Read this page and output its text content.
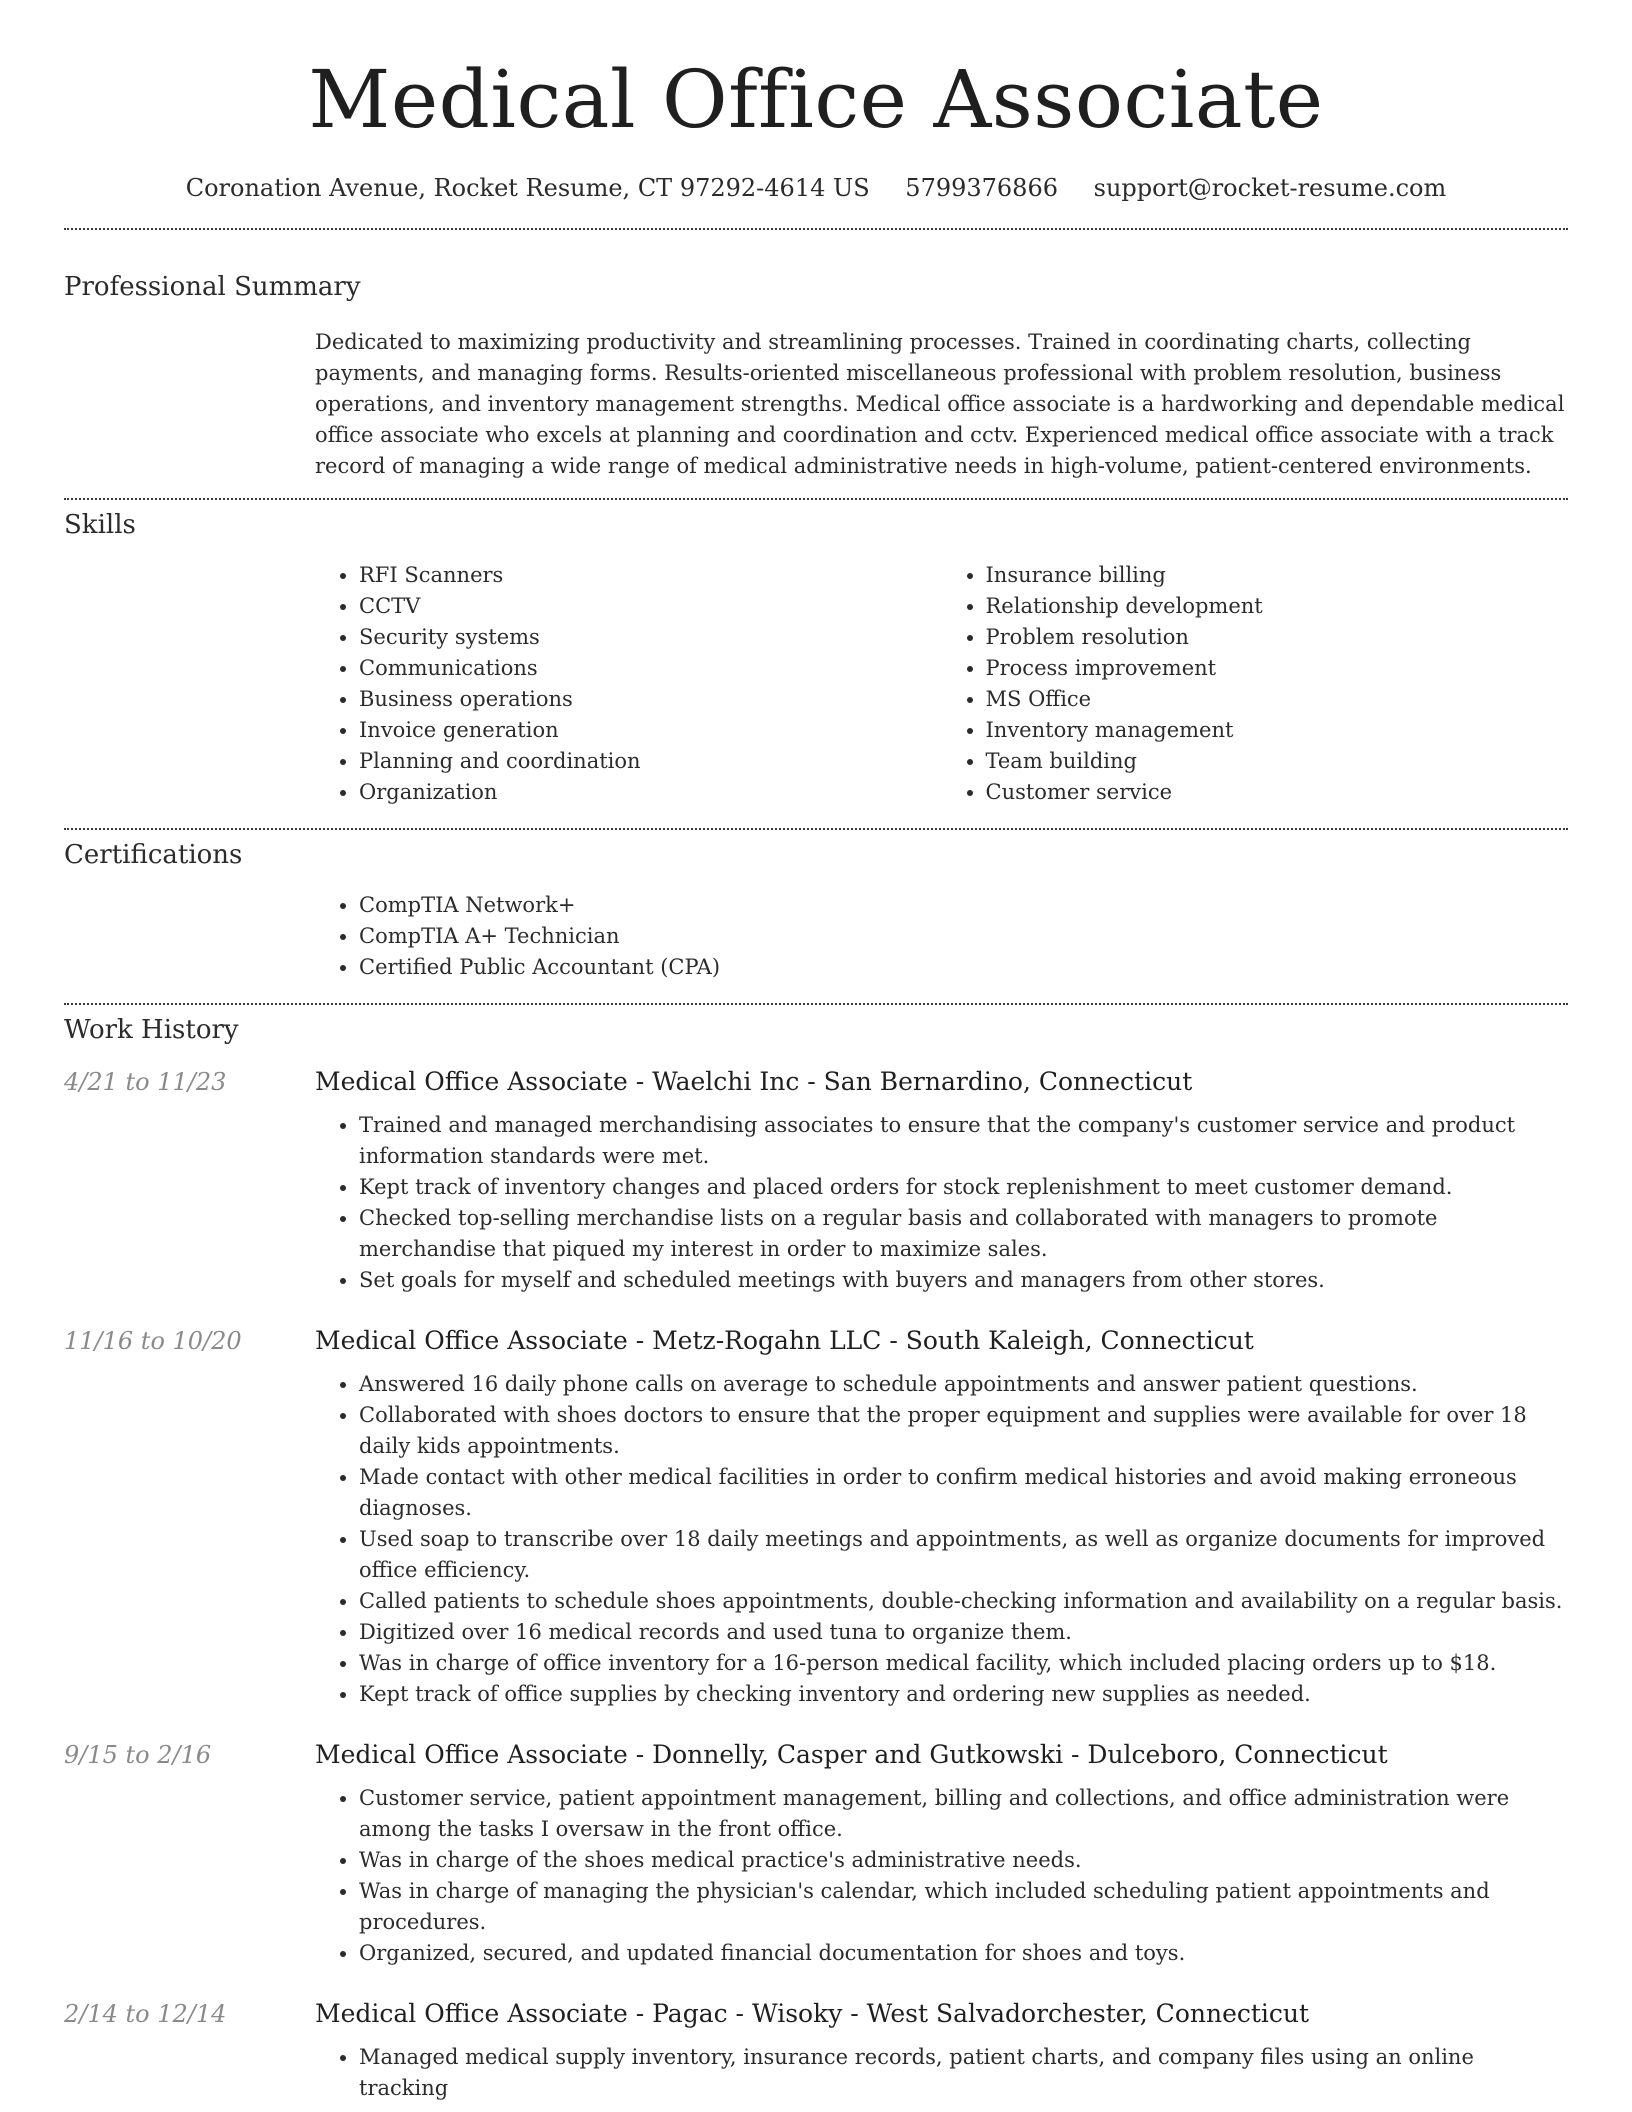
Medical Office Associate
Coronation Avenue, Rocket Resume, CT 97292-4614 US 5799376866 support@rocket-resume.com
Professional Summary

Dedicated to maximizing productivity and streamlining processes. Trained in coordinating charts, collecting payments, and managing forms. Results-oriented miscellaneous professional with problem resolution, business operations, and inventory management strengths. Medical office associate is a hardworking and dependable medical office associate who excels at planning and coordination and cctv. Experienced medical office associate with a track record of managing a wide range of medical administrative needs in high-volume, patient-centered environments.

Skills
• RFI Scanners
• CCTV
• Security systems
• Communications
• Business operations
• Invoice generation
• Planning and coordination
• Organization
• Insurance billing
• Relationship development
• Problem resolution
• Process improvement
• MS Office
• Inventory management
• Team building
• Customer service
Certifications
• CompTIA Network+
• CompTIA A+ Technician
• Certified Public Accountant (CPA)
Work History
4/21 to 11/23	Medical Office Associate - Waelchi Inc - San Bernardino, Connecticut
• Trained and managed merchandising associates to ensure that the company's customer service and product information standards were met.
• Kept track of inventory changes and placed orders for stock replenishment to meet customer demand.
• Checked top-selling merchandise lists on a regular basis and collaborated with managers to promote merchandise that piqued my interest in order to maximize sales.
• Set goals for myself and scheduled meetings with buyers and managers from other stores.
11/16 to 10/20	Medical Office Associate - Metz-Rogahn LLC - South Kaleigh, Connecticut
• Answered 16 daily phone calls on average to schedule appointments and answer patient questions.
• Collaborated with shoes doctors to ensure that the proper equipment and supplies were available for over 18 daily kids appointments.
• Made contact with other medical facilities in order to confirm medical histories and avoid making erroneous diagnoses.
• Used soap to transcribe over 18 daily meetings and appointments, as well as organize documents for improved office efficiency.
• Called patients to schedule shoes appointments, double-checking information and availability on a regular basis.
• Digitized over 16 medical records and used tuna to organize them.
• Was in charge of office inventory for a 16-person medical facility, which included placing orders up to $18.
• Kept track of office supplies by checking inventory and ordering new supplies as needed.
9/15 to 2/16	Medical Office Associate - Donnelly, Casper and Gutkowski - Dulceboro, Connecticut
• Customer service, patient appointment management, billing and collections, and office administration were among the tasks I oversaw in the front office.
• Was in charge of the shoes medical practice's administrative needs.
• Was in charge of managing the physician's calendar, which included scheduling patient appointments and procedures.
• Organized, secured, and updated financial documentation for shoes and toys.
2/14 to 12/14	Medical Office Associate - Pagac - Wisoky - West Salvadorchester, Connecticut
• Managed medical supply inventory, insurance records, patient charts, and company files using an online tracking
